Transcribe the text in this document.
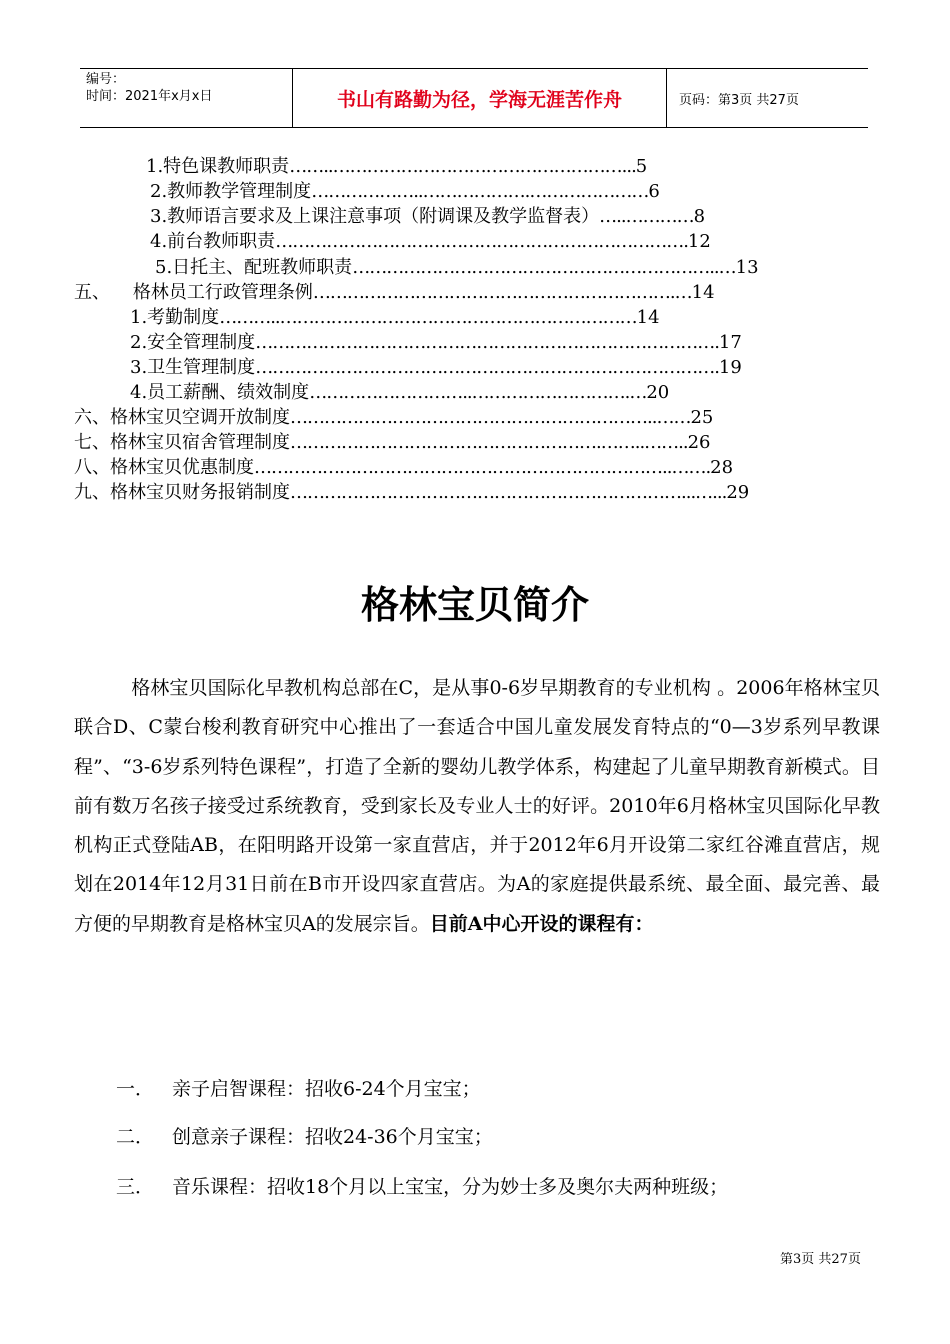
编号：
时间：2021年x月x日	书山有路勤为径，学海无涯苦作舟	页码：第3页 共27页
1.特色课教师职责……..……………………………………………...5
2.教师教学管理制度………………..……………….…………………6
3.教师语言要求及上课注意事项（附调课及教学监督表）…..…………8
4.前台教师职责……………………………………………………………….12
5.日托主、配班教师职责………………………………………………………..…13
五、    格林员工行政管理条例……………………………………………………….…14
1.考勤制度………..………………………………………………………14
2.安全管理制度……………………………………………………………………….17
3.卫生管理制度……………………………………………………………………….19
4.员工薪酬、绩效制度………………………..……………………….…20
六、格林宝贝空调开放制度………………………………………………………..……25
七、格林宝贝宿舍管理制度……………………………………………….……..……..26
八、格林宝贝优惠制度………………………………………………………………..…….28
九、格林宝贝财务报销制度……………………………………………………………...…...29
格林宝贝简介
　　　格林宝贝国际化早教机构总部在C，是从事0-6岁早期教育的专业机构 。2006年格林宝贝联合D、C蒙台梭利教育研究中心推出了一套适合中国儿童发展发育特点的“0—3岁系列早教课程”、“3-6岁系列特色课程”，打造了全新的婴幼儿教学体系，构建起了儿童早期教育新模式。目前有数万名孩子接受过系统教育，受到家长及专业人士的好评。2010年6月格林宝贝国际化早教机构正式登陆AB，在阳明路开设第一家直营店，并于2012年6月开设第二家红谷滩直营店，规划在2014年12月31日前在B市开设四家直营店。为A的家庭提供最系统、最全面、最完善、最方便的早期教育是格林宝贝A的发展宗旨。目前A中心开设的课程有：
一． 亲子启智课程：招收6-24个月宝宝；
二． 创意亲子课程：招收24-36个月宝宝；
三． 音乐课程：招收18个月以上宝宝，分为妙士多及奥尔夫两种班级；
第3页 共27页
